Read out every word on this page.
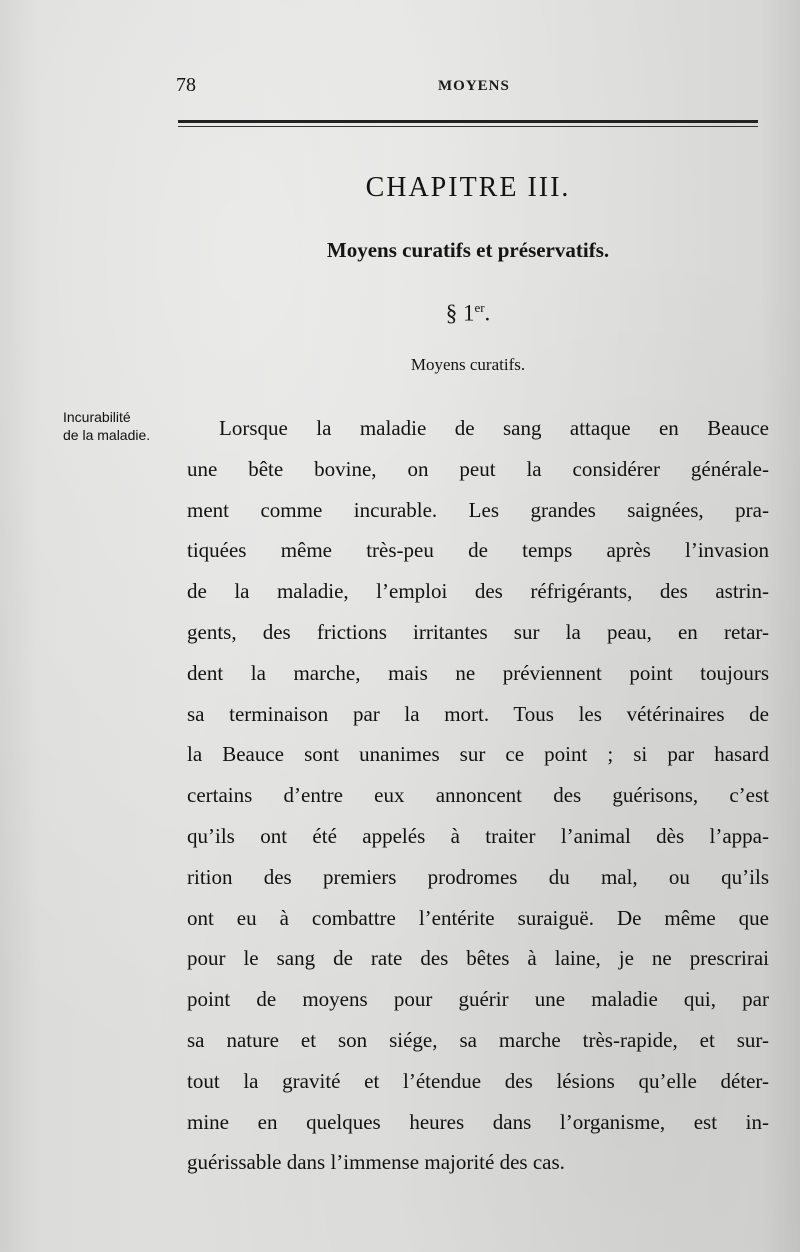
78	MOYENS
CHAPITRE III.
Moyens curatifs et préservatifs.
§ 1er.
Moyens curatifs.
Incurabilité
de la maladie.	Lorsque la maladie de sang attaque en Beauce
une bête bovine, on peut la considérer générale-
ment comme incurable. Les grandes saignées, pra-
tiquées même très-peu de temps après l’invasion
de la maladie, l’emploi des réfrigérants, des astrin-
gents, des frictions irritantes sur la peau, en retar-
dent la marche, mais ne préviennent point toujours
sa terminaison par la mort. Tous les vétérinaires de
la Beauce sont unanimes sur ce point ; si par hasard
certains d’entre eux annoncent des guérisons, c’est
qu’ils ont été appelés à traiter l’animal dès l’appa-
rition des premiers prodromes du mal, ou qu’ils
ont eu à combattre l’entérite suraiguë. De même que
pour le sang de rate des bêtes à laine, je ne prescrirai
point de moyens pour guérir une maladie qui, par
sa nature et son siége, sa marche très-rapide, et sur-
tout la gravité et l’étendue des lésions qu’elle déter-
mine en quelques heures dans l’organisme, est in-
guérissable dans l’immense majorité des cas.
